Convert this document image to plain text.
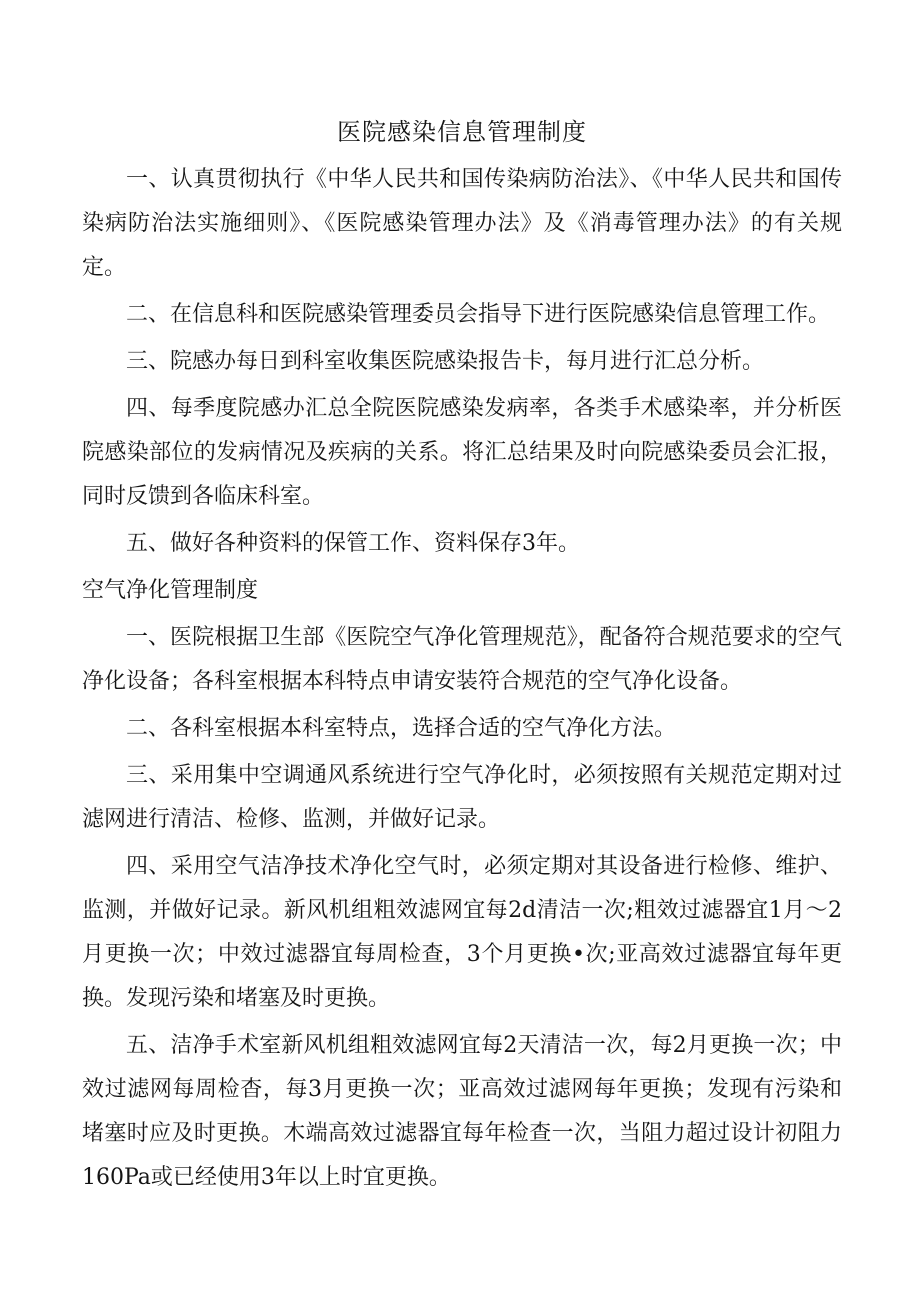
医院感染信息管理制度

一、认真贯彻执行《中华人民共和国传染病防治法》、《中华人民共和国传染病防治法实施细则》、《医院感染管理办法》及《消毒管理办法》的有关规定。

二、在信息科和医院感染管理委员会指导下进行医院感染信息管理工作。

三、院感办每日到科室收集医院感染报告卡，每月进行汇总分析。

四、每季度院感办汇总全院医院感染发病率，各类手术感染率，并分析医院感染部位的发病情况及疾病的关系。将汇总结果及时向院感染委员会汇报，同时反馈到各临床科室。

五、做好各种资料的保管工作、资料保存3年。

空气净化管理制度

一、医院根据卫生部《医院空气净化管理规范》，配备符合规范要求的空气净化设备；各科室根据本科特点申请安装符合规范的空气净化设备。

二、各科室根据本科室特点，选择合适的空气净化方法。

三、采用集中空调通风系统进行空气净化时，必须按照有关规范定期对过滤网进行清洁、检修、监测，并做好记录。

四、采用空气洁净技术净化空气时，必须定期对其设备进行检修、维护、监测，并做好记录。新风机组粗效滤网宜每2d清洁一次;粗效过滤器宜1月～2月更换一次；中效过滤器宜每周检查，3个月更换•次;亚高效过滤器宜每年更换。发现污染和堵塞及时更换。

五、洁净手术室新风机组粗效滤网宜每2天清洁一次，每2月更换一次；中效过滤网每周检杳，每3月更换一次；亚高效过滤网每年更换；发现有污染和堵塞时应及时更换。木端高效过滤器宜每年检查一次，当阻力超过设计初阻力160Pa或已经使用3年以上时宜更换。
